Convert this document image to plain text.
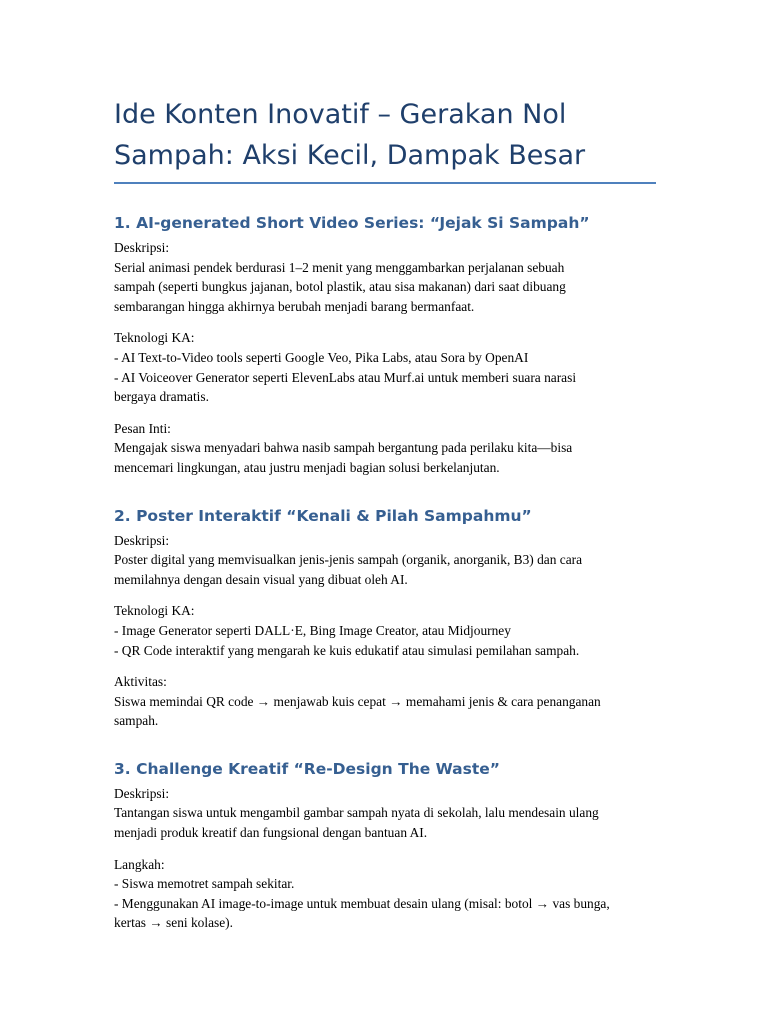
Ide Konten Inovatif – Gerakan Nol
Sampah: Aksi Kecil, Dampak Besar
1. AI-generated Short Video Series: “Jejak Si Sampah”
Deskripsi:
Serial animasi pendek berdurasi 1–2 menit yang menggambarkan perjalanan sebuah
sampah (seperti bungkus jajanan, botol plastik, atau sisa makanan) dari saat dibuang
sembarangan hingga akhirnya berubah menjadi barang bermanfaat.
Teknologi KA:
- AI Text-to-Video tools seperti Google Veo, Pika Labs, atau Sora by OpenAI
- AI Voiceover Generator seperti ElevenLabs atau Murf.ai untuk memberi suara narasi
bergaya dramatis.
Pesan Inti:
Mengajak siswa menyadari bahwa nasib sampah bergantung pada perilaku kita—bisa
mencemari lingkungan, atau justru menjadi bagian solusi berkelanjutan.
2. Poster Interaktif “Kenali & Pilah Sampahmu”
Deskripsi:
Poster digital yang memvisualkan jenis-jenis sampah (organik, anorganik, B3) dan cara
memilahnya dengan desain visual yang dibuat oleh AI.
Teknologi KA:
- Image Generator seperti DALL·E, Bing Image Creator, atau Midjourney
- QR Code interaktif yang mengarah ke kuis edukatif atau simulasi pemilahan sampah.
Aktivitas:
Siswa memindai QR code → menjawab kuis cepat → memahami jenis & cara penanganan
sampah.
3. Challenge Kreatif “Re-Design The Waste”
Deskripsi:
Tantangan siswa untuk mengambil gambar sampah nyata di sekolah, lalu mendesain ulang
menjadi produk kreatif dan fungsional dengan bantuan AI.
Langkah:
- Siswa memotret sampah sekitar.
- Menggunakan AI image-to-image untuk membuat desain ulang (misal: botol → vas bunga,
kertas → seni kolase).
